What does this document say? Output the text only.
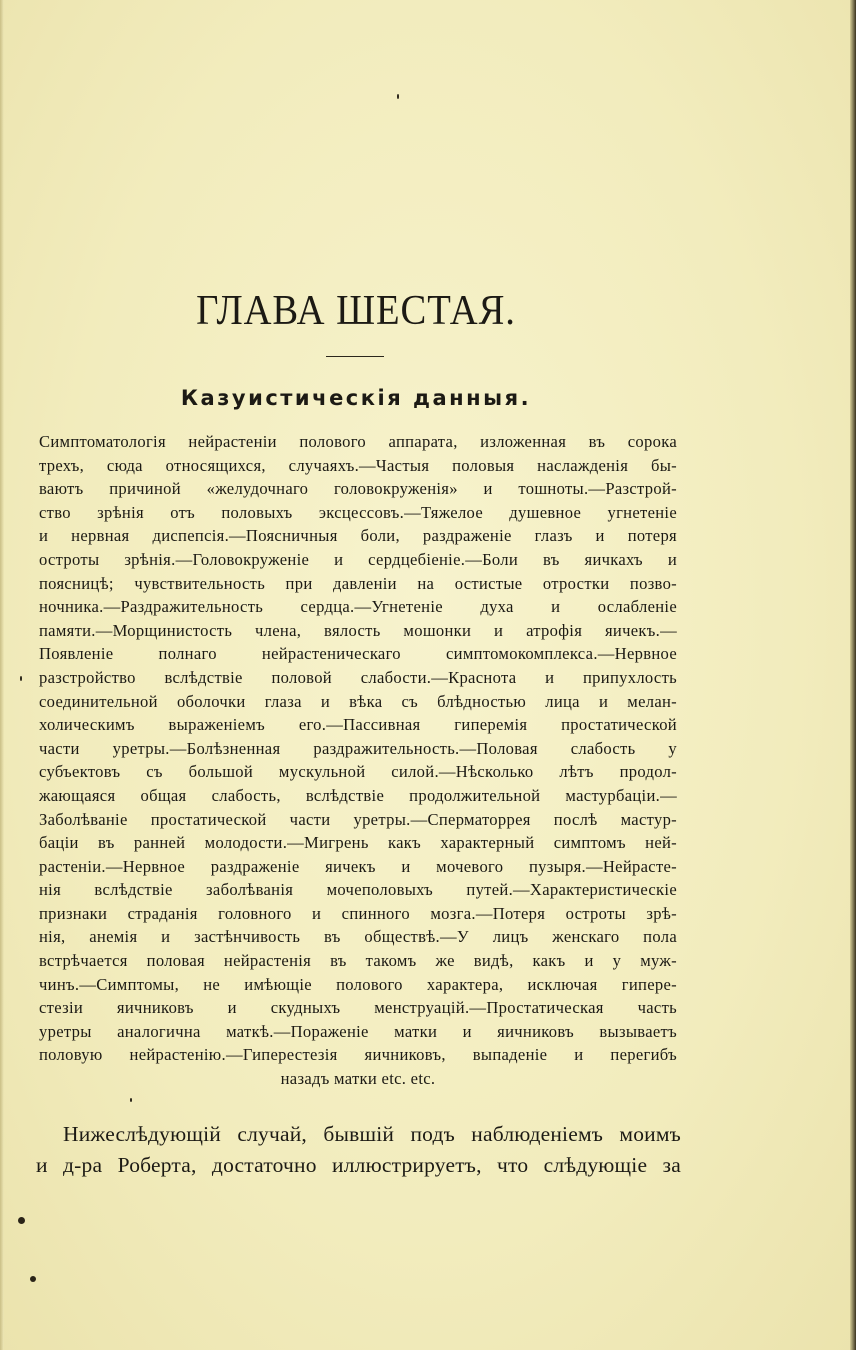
ГЛАВА ШЕСТАЯ.
Казуистическія данныя.
Симптоматологія нейрастеніи полового аппарата, изложенная въ сорока
трехъ, сюда относящихся, случаяхъ.—Частыя половыя наслажденія бы-
ваютъ причиной «желудочнаго головокруженія» и тошноты.—Разстрой-
ство зрѣнія отъ половыхъ эксцессовъ.—Тяжелое душевное угнетеніе
и нервная диспепсія.—Поясничныя боли, раздраженіе глазъ и потеря
остроты зрѣнія.—Головокруженіе и сердцебіеніе.—Боли въ яичкахъ и
поясницѣ; чувствительность при давленіи на остистые отростки позво-
ночника.—Раздражительность сердца.—Угнетеніе духа и ослабленіе
памяти.—Морщинистость члена, вялость мошонки и атрофія яичекъ.—
Появленіе полнаго нейрастеническаго симптомокомплекса.—Нервное
разстройство вслѣдствіе половой слабости.—Краснота и припухлость
соединительной оболочки глаза и вѣка съ блѣдностью лица и мелан-
холическимъ выраженіемъ его.—Пассивная гиперемія простатической
части уретры.—Болѣзненная раздражительность.—Половая слабость у
субъектовъ съ большой мускульной силой.—Нѣсколько лѣтъ продол-
жающаяся общая слабость, вслѣдствіе продолжительной мастурбаціи.—
Заболѣваніе простатической части уретры.—Сперматоррея послѣ мастур-
баціи въ ранней молодости.—Мигрень какъ характерный симптомъ ней-
растеніи.—Нервное раздраженіе яичекъ и мочевого пузыря.—Нейрасте-
нія вслѣдствіе заболѣванія мочеполовыхъ путей.—Характеристическіе
признаки страданія головного и спинного мозга.—Потеря остроты зрѣ-
нія, анемія и застѣнчивость въ обществѣ.—У лицъ женскаго пола
встрѣчается половая нейрастенія въ такомъ же видѣ, какъ и у муж-
чинъ.—Симптомы, не имѣющіе полового характера, исключая гипере-
стезіи яичниковъ и скудныхъ менструацій.—Простатическая часть
уретры аналогична маткѣ.—Пораженіе матки и яичниковъ вызываетъ
половую нейрастенію.—Гиперестезія яичниковъ, выпаденіе и перегибъ
назадъ матки etc. etc.
Нижеслѣдующій случай, бывшій подъ наблюденіемъ моимъ
и д-ра Роберта, достаточно иллюстрируетъ, что слѣдующіе за
